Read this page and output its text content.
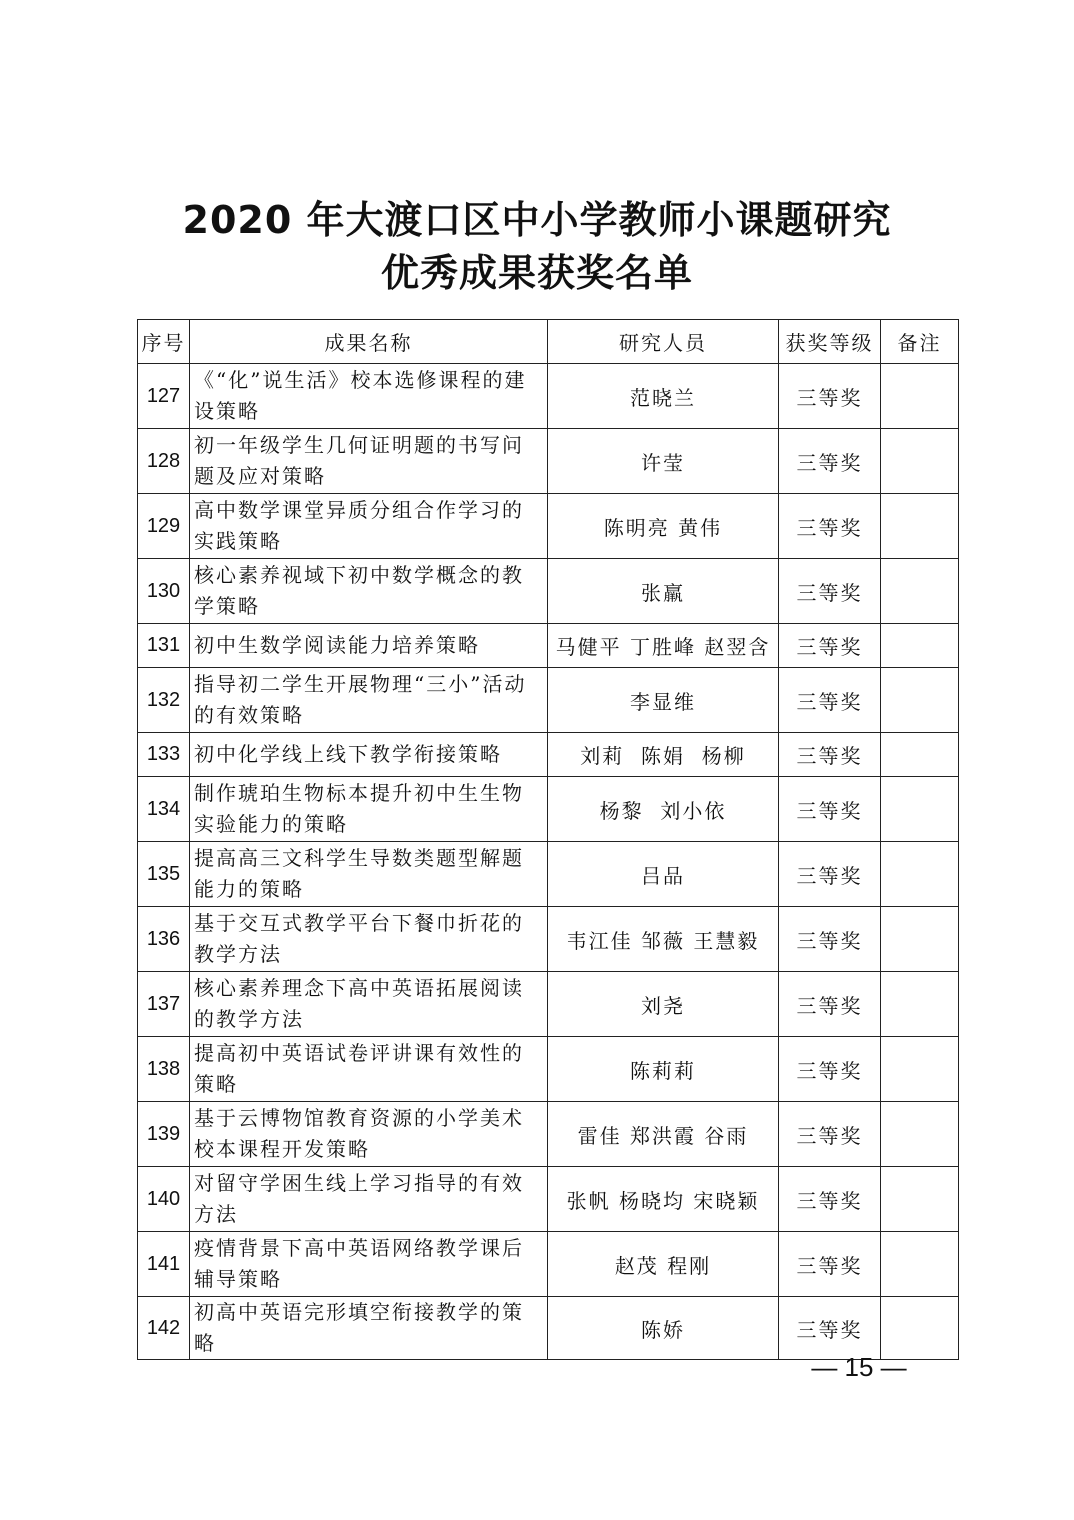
2020 年大渡口区中小学教师小课题研究
优秀成果获奖名单
序号	成果名称	研究人员	获奖等级	备注
127	《“化”说生活》校本选修课程的建设策略	范晓兰	三等奖	
128	初一年级学生几何证明题的书写问题及应对策略	许莹	三等奖	
129	高中数学课堂异质分组合作学习的实践策略	陈明亮 黄伟	三等奖	
130	核心素养视域下初中数学概念的教学策略	张羸	三等奖	
131	初中生数学阅读能力培养策略	马健平 丁胜峰 赵翌含	三等奖	
132	指导初二学生开展物理“三小”活动的有效策略	李显维	三等奖	
133	初中化学线上线下教学衔接策略	刘莉  陈娟  杨柳	三等奖	
134	制作琥珀生物标本提升初中生生物实验能力的策略	杨黎  刘小依	三等奖	
135	提高高三文科学生导数类题型解题能力的策略	吕品	三等奖	
136	基于交互式教学平台下餐巾折花的教学方法	韦江佳 邹薇 王慧毅	三等奖	
137	核心素养理念下高中英语拓展阅读的教学方法	刘尧	三等奖	
138	提高初中英语试卷评讲课有效性的策略	陈莉莉	三等奖	
139	基于云博物馆教育资源的小学美术校本课程开发策略	雷佳 郑洪霞 谷雨	三等奖	
140	对留守学困生线上学习指导的有效方法	张帆 杨晓均 宋晓颖	三等奖	
141	疫情背景下高中英语网络教学课后辅导策略	赵茂 程刚	三等奖	
142	初高中英语完形填空衔接教学的策略	陈娇	三等奖	
— 15 —
